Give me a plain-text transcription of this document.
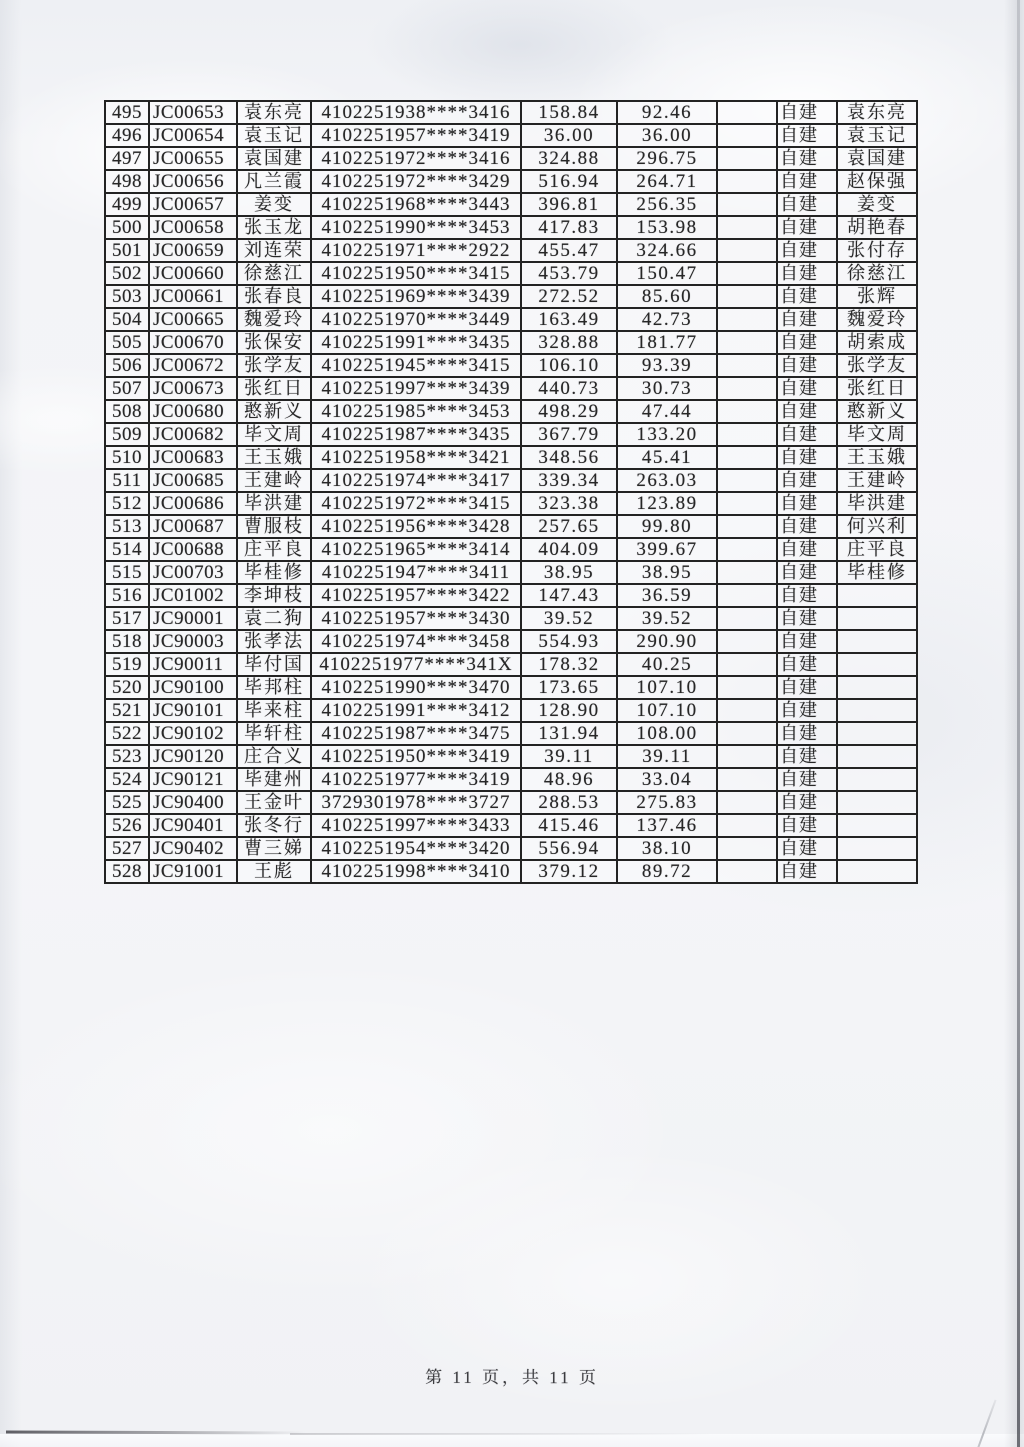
495	JC00653	袁东亮	4102251938****3416	158.84	92.46		自建	袁东亮
496	JC00654	袁玉记	4102251957****3419	36.00	36.00		自建	袁玉记
497	JC00655	袁国建	4102251972****3416	324.88	296.75		自建	袁国建
498	JC00656	凡兰霞	4102251972****3429	516.94	264.71		自建	赵保强
499	JC00657	姜变	4102251968****3443	396.81	256.35		自建	姜变
500	JC00658	张玉龙	4102251990****3453	417.83	153.98		自建	胡艳春
501	JC00659	刘连荣	4102251971****2922	455.47	324.66		自建	张付存
502	JC00660	徐慈江	4102251950****3415	453.79	150.47		自建	徐慈江
503	JC00661	张春良	4102251969****3439	272.52	85.60		自建	张辉
504	JC00665	魏爱玲	4102251970****3449	163.49	42.73		自建	魏爱玲
505	JC00670	张保安	4102251991****3435	328.88	181.77		自建	胡索成
506	JC00672	张学友	4102251945****3415	106.10	93.39		自建	张学友
507	JC00673	张红日	4102251997****3439	440.73	30.73		自建	张红日
508	JC00680	憨新义	4102251985****3453	498.29	47.44		自建	憨新义
509	JC00682	毕文周	4102251987****3435	367.79	133.20		自建	毕文周
510	JC00683	王玉娥	4102251958****3421	348.56	45.41		自建	王玉娥
511	JC00685	王建岭	4102251974****3417	339.34	263.03		自建	王建岭
512	JC00686	毕洪建	4102251972****3415	323.38	123.89		自建	毕洪建
513	JC00687	曹服枝	4102251956****3428	257.65	99.80		自建	何兴利
514	JC00688	庄平良	4102251965****3414	404.09	399.67		自建	庄平良
515	JC00703	毕桂修	4102251947****3411	38.95	38.95		自建	毕桂修
516	JC01002	李坤枝	4102251957****3422	147.43	36.59		自建	
517	JC90001	袁二狗	4102251957****3430	39.52	39.52		自建	
518	JC90003	张孝法	4102251974****3458	554.93	290.90		自建	
519	JC90011	毕付国	4102251977****341X	178.32	40.25		自建	
520	JC90100	毕邦柱	4102251990****3470	173.65	107.10		自建	
521	JC90101	毕来柱	4102251991****3412	128.90	107.10		自建	
522	JC90102	毕轩柱	4102251987****3475	131.94	108.00		自建	
523	JC90120	庄合义	4102251950****3419	39.11	39.11		自建	
524	JC90121	毕建州	4102251977****3419	48.96	33.04		自建	
525	JC90400	王金叶	3729301978****3727	288.53	275.83		自建	
526	JC90401	张冬行	4102251997****3433	415.46	137.46		自建	
527	JC90402	曹三娣	4102251954****3420	556.94	38.10		自建	
528	JC91001	王彪	4102251998****3410	379.12	89.72		自建	
第 11 页，共 11 页
